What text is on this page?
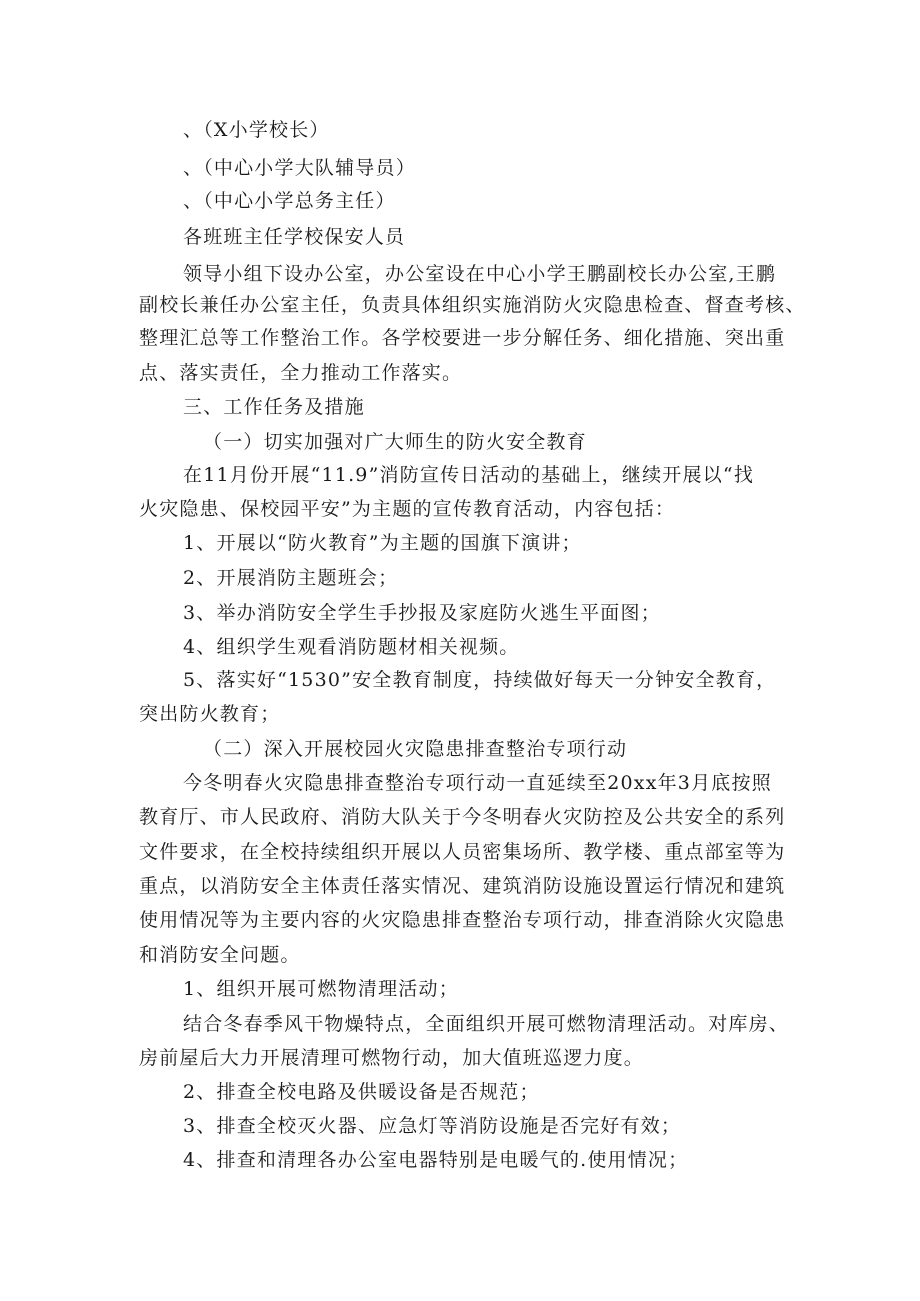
、（X小学校长）
、（中心小学大队辅导员）
、（中心小学总务主任）
各班班主任学校保安人员
领导小组下设办公室，办公室设在中心小学王鹏副校长办公室,王鹏
副校长兼任办公室主任，负责具体组织实施消防火灾隐患检查、督查考核、
整理汇总等工作整治工作。各学校要进一步分解任务、细化措施、突出重
点、落实责任，全力推动工作落实。
三、工作任务及措施
（一）切实加强对广大师生的防火安全教育
在11月份开展“11.9”消防宣传日活动的基础上，继续开展以“找
火灾隐患、保校园平安”为主题的宣传教育活动，内容包括：
1、开展以“防火教育”为主题的国旗下演讲；
2、开展消防主题班会；
3、举办消防安全学生手抄报及家庭防火逃生平面图；
4、组织学生观看消防题材相关视频。
5、落实好“1530”安全教育制度，持续做好每天一分钟安全教育，
突出防火教育；
（二）深入开展校园火灾隐患排查整治专项行动
今冬明春火灾隐患排查整治专项行动一直延续至20xx年3月底按照
教育厅、市人民政府、消防大队关于今冬明春火灾防控及公共安全的系列
文件要求，在全校持续组织开展以人员密集场所、教学楼、重点部室等为
重点，以消防安全主体责任落实情况、建筑消防设施设置运行情况和建筑
使用情况等为主要内容的火灾隐患排查整治专项行动，排查消除火灾隐患
和消防安全问题。
1、组织开展可燃物清理活动；
结合冬春季风干物燥特点，全面组织开展可燃物清理活动。对库房、
房前屋后大力开展清理可燃物行动，加大值班巡逻力度。
2、排查全校电路及供暖设备是否规范；
3、排查全校灭火器、应急灯等消防设施是否完好有效；
4、排查和清理各办公室电器特别是电暖气的.使用情况；
